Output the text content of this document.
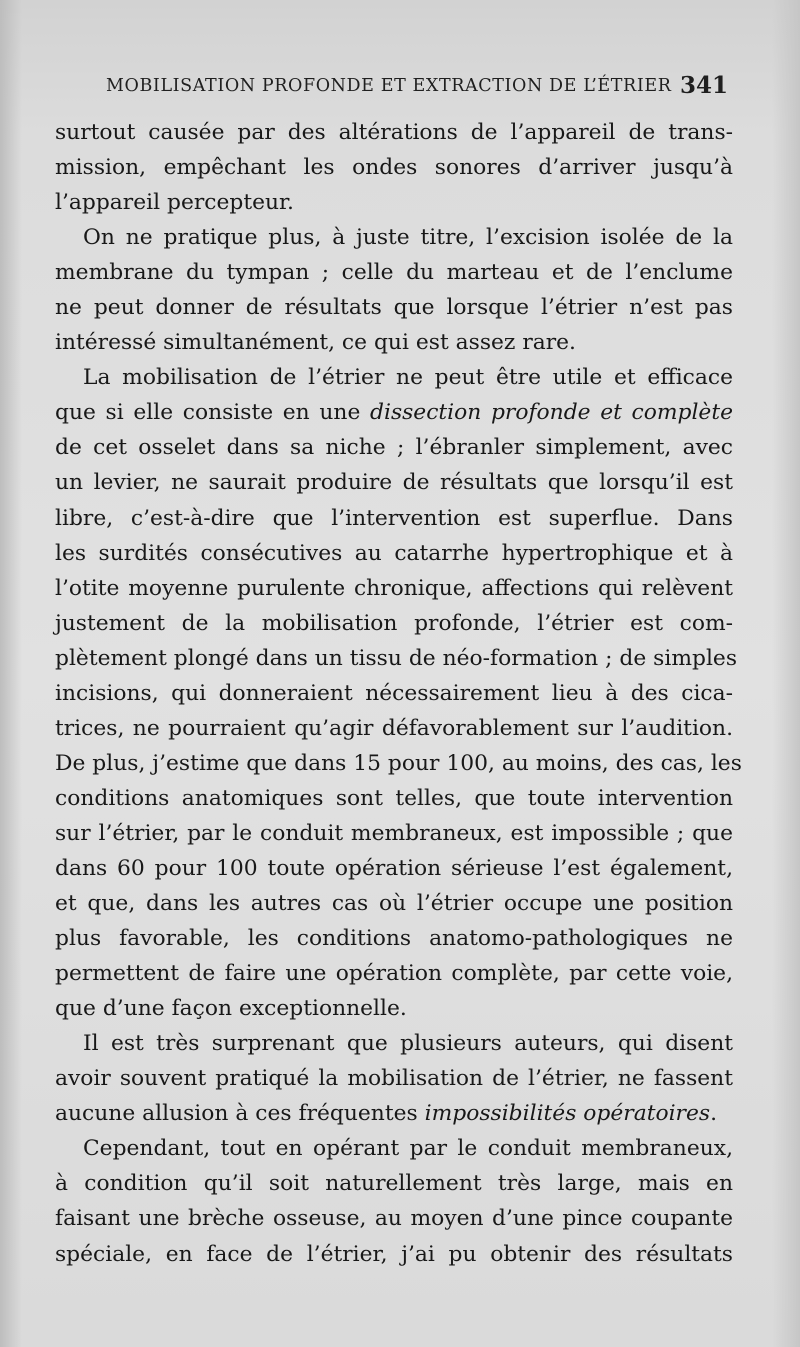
MOBILISATION PROFONDE ET EXTRACTION DE L’ÉTRIER 341
surtout causée par des altérations de l’appareil de trans-
mission, empêchant les ondes sonores d’arriver jusqu’à
l’appareil percepteur.
On ne pratique plus, à juste titre, l’excision isolée de la
membrane du tympan ; celle du marteau et de l’enclume
ne peut donner de résultats que lorsque l’étrier n’est pas
intéressé simultanément, ce qui est assez rare.
La mobilisation de l’étrier ne peut être utile et efficace
que si elle consiste en une dissection profonde et complète
de cet osselet dans sa niche ; l’ébranler simplement, avec
un levier, ne saurait produire de résultats que lorsqu’il est
libre, c’est-à-dire que l’intervention est superflue. Dans
les surdités consécutives au catarrhe hypertrophique et à
l’otite moyenne purulente chronique, affections qui relèvent
justement de la mobilisation profonde, l’étrier est com-
plètement plongé dans un tissu de néo-formation ; de simples
incisions, qui donneraient nécessairement lieu à des cica-
trices, ne pourraient qu’agir défavorablement sur l’audition.
De plus, j’estime que dans 15 pour 100, au moins, des cas, les
conditions anatomiques sont telles, que toute intervention
sur l’étrier, par le conduit membraneux, est impossible ; que
dans 60 pour 100 toute opération sérieuse l’est également,
et que, dans les autres cas où l’étrier occupe une position
plus favorable, les conditions anatomo-pathologiques ne
permettent de faire une opération complète, par cette voie,
que d’une façon exceptionnelle.
Il est très surprenant que plusieurs auteurs, qui disent
avoir souvent pratiqué la mobilisation de l’étrier, ne fassent
aucune allusion à ces fréquentes impossibilités opératoires.
Cependant, tout en opérant par le conduit membraneux,
à condition qu’il soit naturellement très large, mais en
faisant une brèche osseuse, au moyen d’une pince coupante
spéciale, en face de l’étrier, j’ai pu obtenir des résultats
